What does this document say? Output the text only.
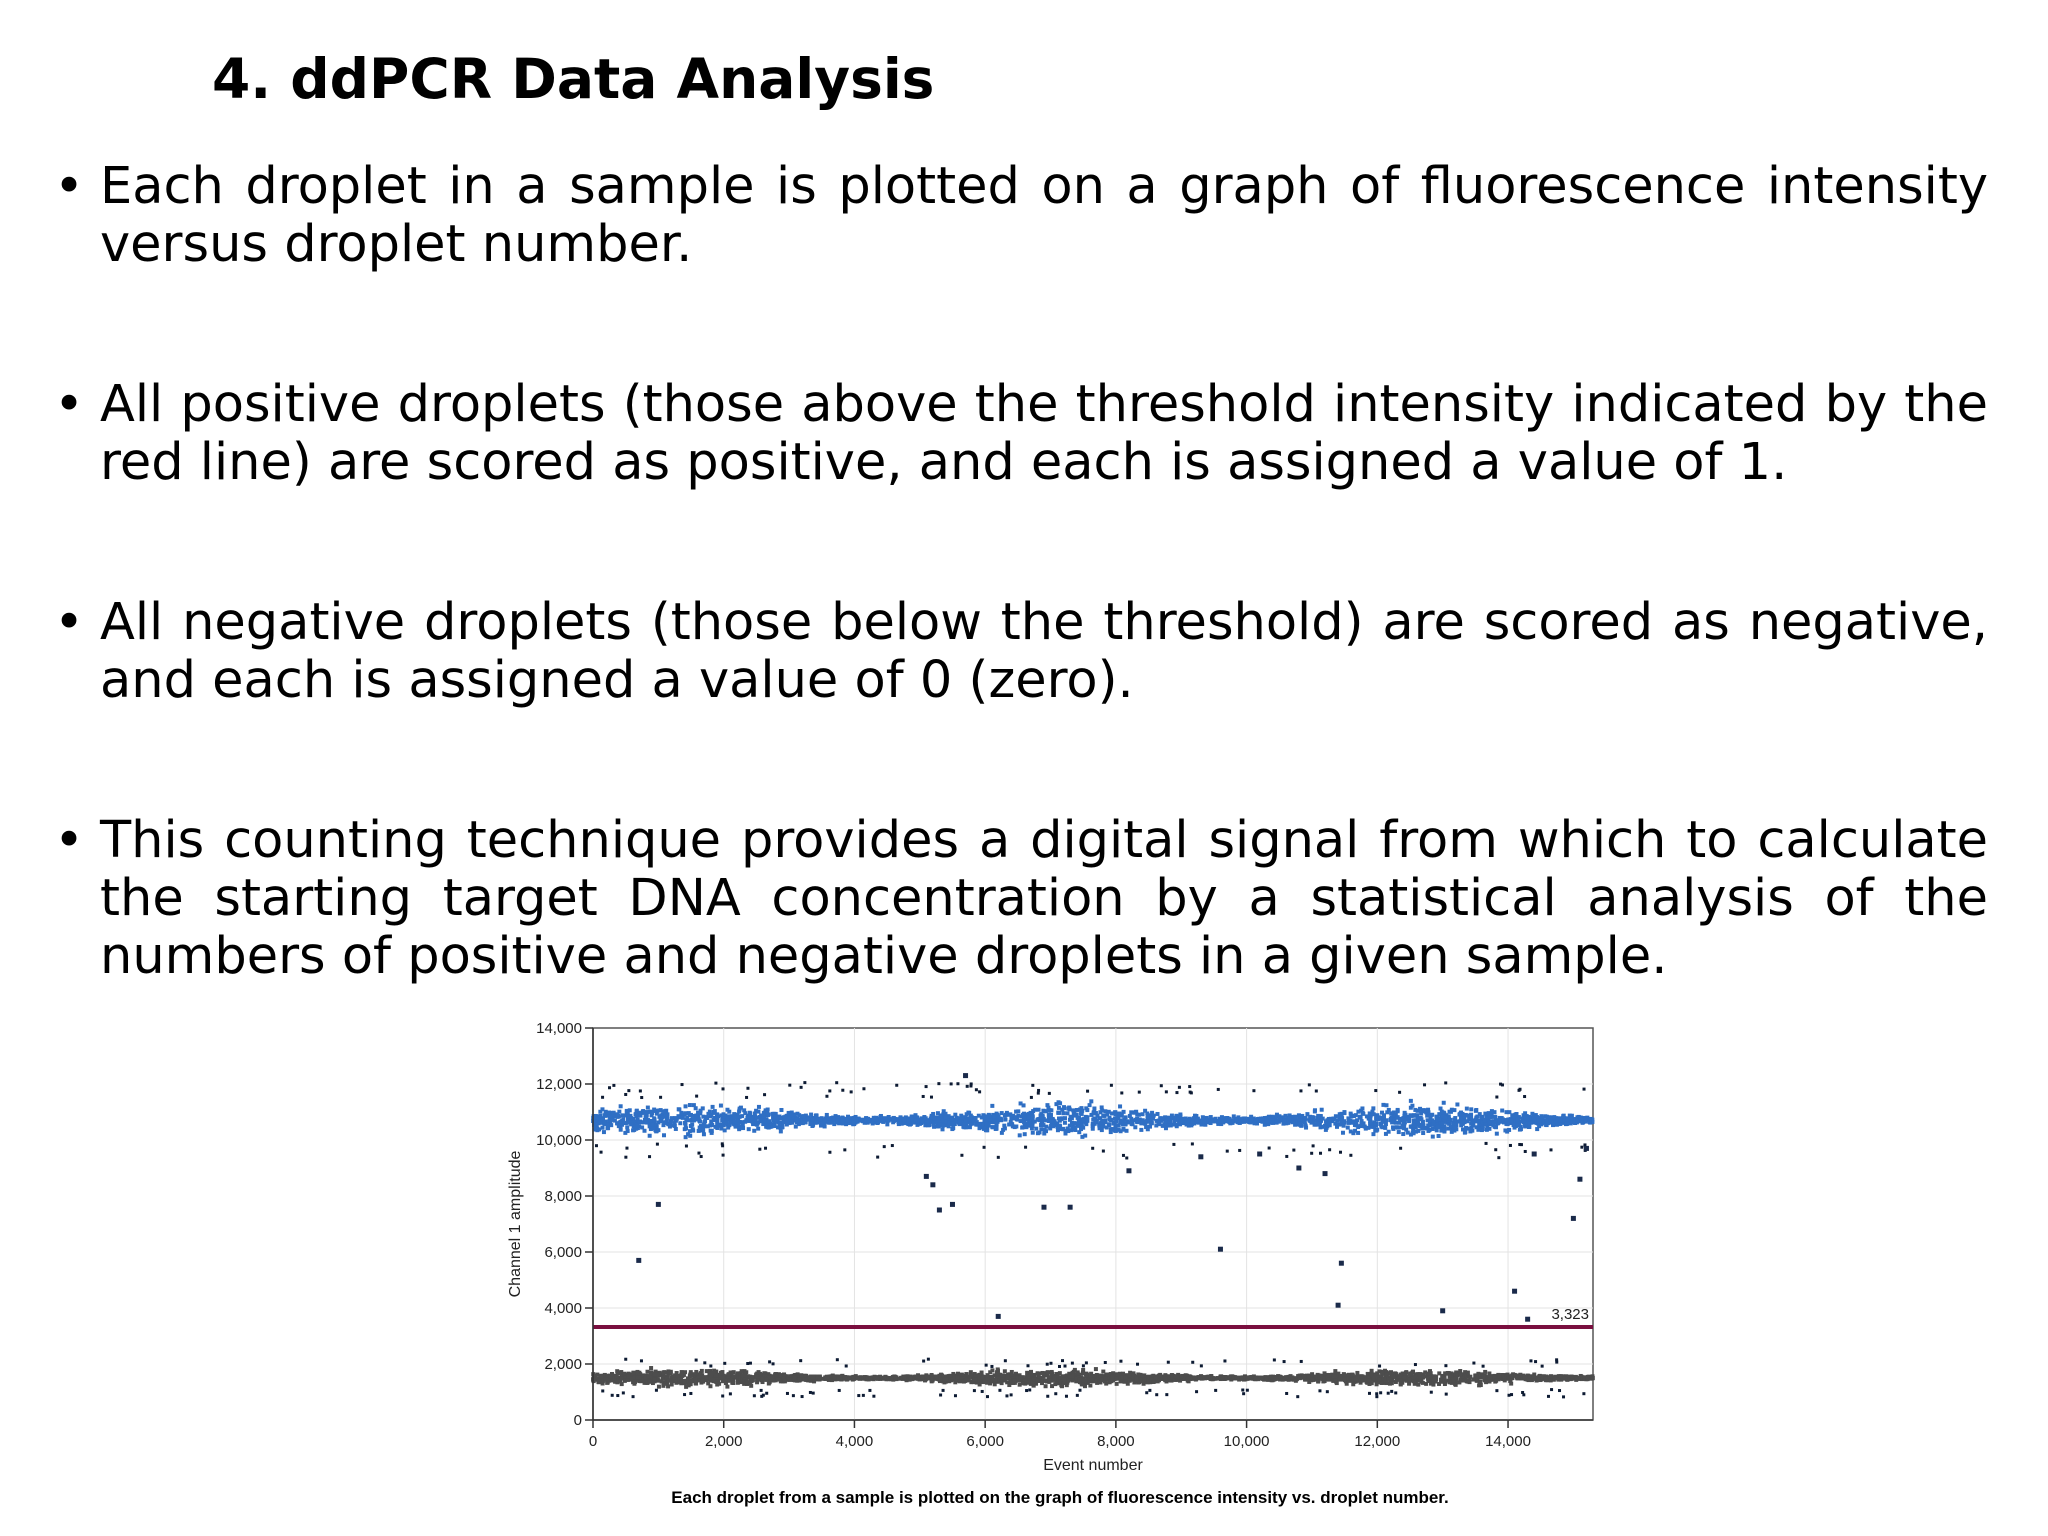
4. ddPCR Data Analysis

• Each droplet in a sample is plotted on a graph of fluorescence intensity versus droplet number.

• All positive droplets (those above the threshold intensity indicated by the red line) are scored as positive, and each is assigned a value of 1.

• All negative droplets (those below the threshold) are scored as negative, and each is assigned a value of 0 (zero).

• This counting technique provides a digital signal from which to calculate the starting target DNA concentration by a statistical analysis of the numbers of positive and negative droplets in a given sample.

3,323
0
2,000
4,000
6,000
8,000
10,000
12,000
14,000
0	2,000	4,000	6,000	8,000	10,000	12,000	14,000
Event number
Channel 1 amplitude
Each droplet from a sample is plotted on the graph of fluorescence intensity vs. droplet number.
